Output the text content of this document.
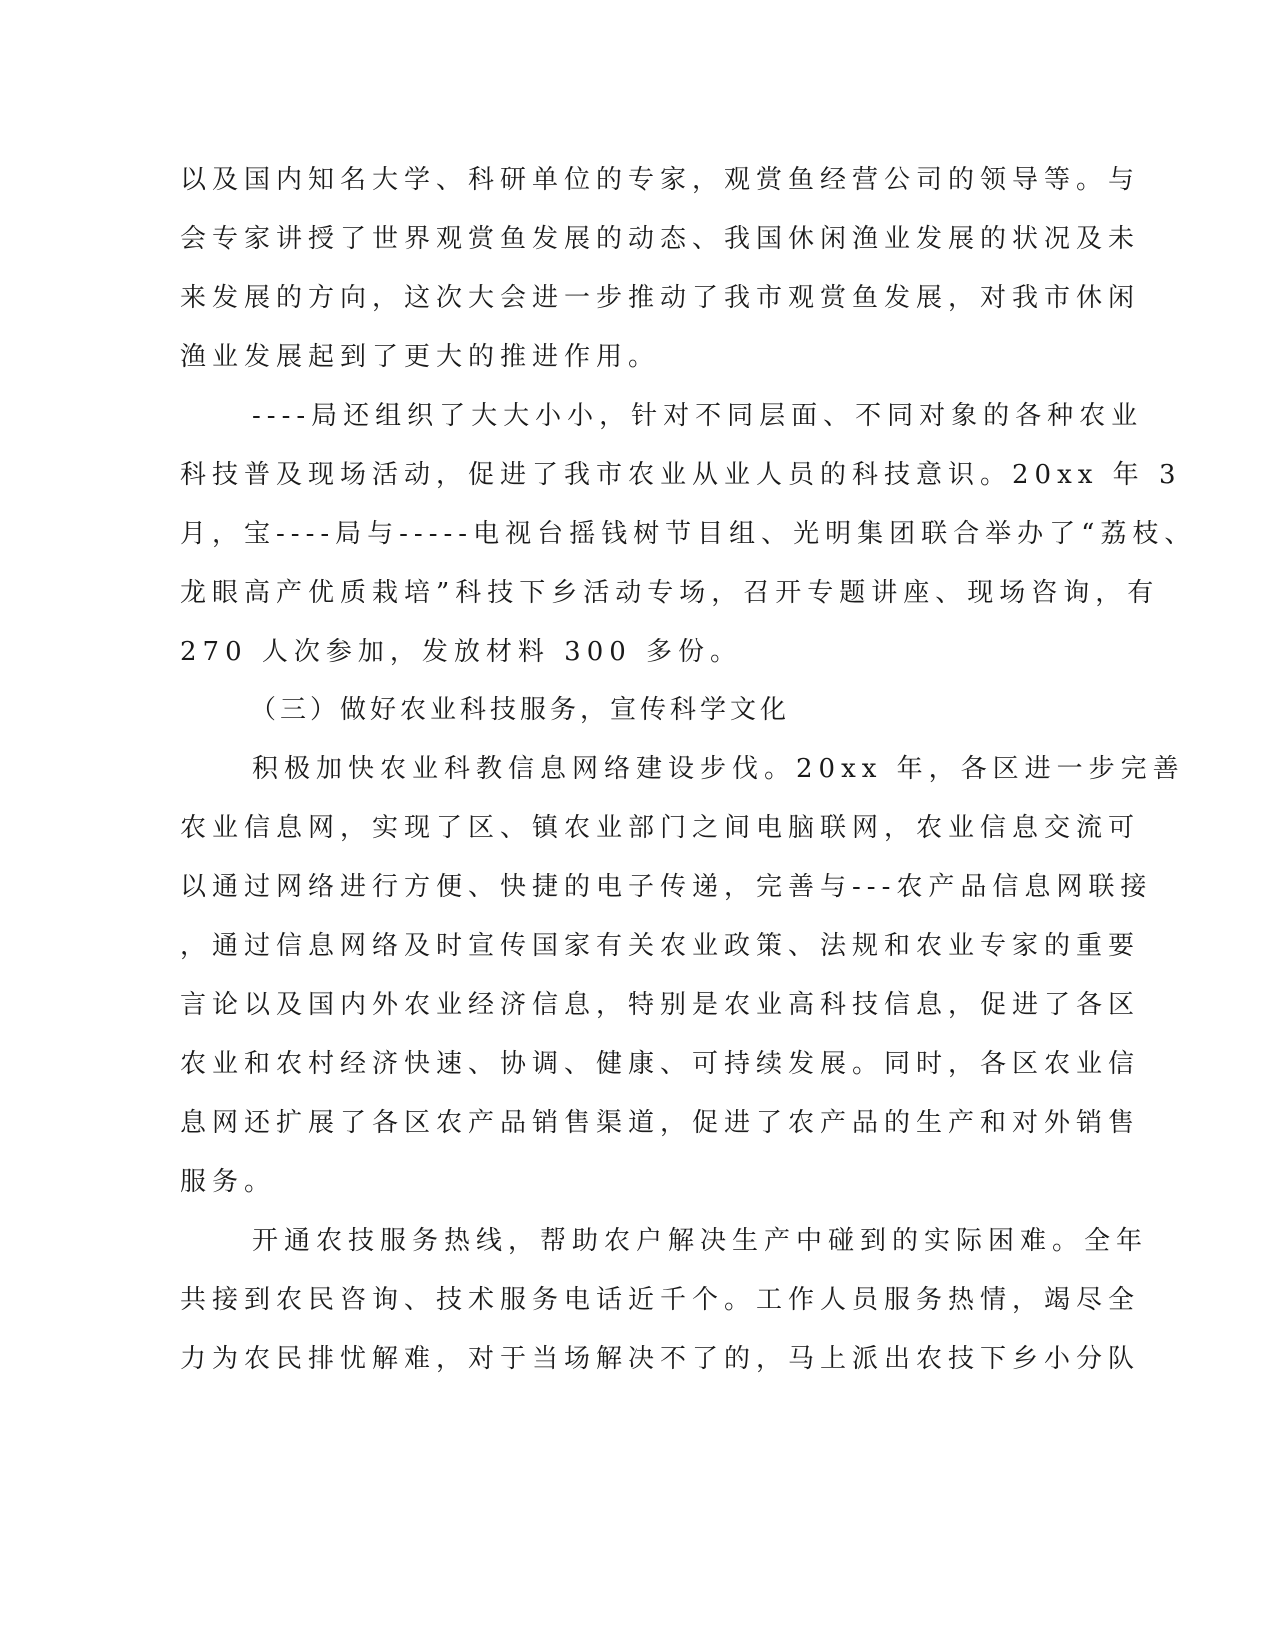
以及国内知名大学、科研单位的专家，观赏鱼经营公司的领导等。与
会专家讲授了世界观赏鱼发展的动态、我国休闲渔业发展的状况及未
来发展的方向，这次大会进一步推动了我市观赏鱼发展，对我市休闲
渔业发展起到了更大的推进作用。
----局还组织了大大小小，针对不同层面、不同对象的各种农业
科技普及现场活动，促进了我市农业从业人员的科技意识。20xx 年 3
月，宝----局与-----电视台摇钱树节目组、光明集团联合举办了“荔枝、
龙眼高产优质栽培”科技下乡活动专场，召开专题讲座、现场咨询，有
270 人次参加，发放材料 300 多份。
（三）做好农业科技服务，宣传科学文化
积极加快农业科教信息网络建设步伐。20xx 年，各区进一步完善
农业信息网，实现了区、镇农业部门之间电脑联网，农业信息交流可
以通过网络进行方便、快捷的电子传递，完善与---农产品信息网联接
，通过信息网络及时宣传国家有关农业政策、法规和农业专家的重要
言论以及国内外农业经济信息，特别是农业高科技信息，促进了各区
农业和农村经济快速、协调、健康、可持续发展。同时，各区农业信
息网还扩展了各区农产品销售渠道，促进了农产品的生产和对外销售
服务。
开通农技服务热线，帮助农户解决生产中碰到的实际困难。全年
共接到农民咨询、技术服务电话近千个。工作人员服务热情，竭尽全
力为农民排忧解难，对于当场解决不了的，马上派出农技下乡小分队
